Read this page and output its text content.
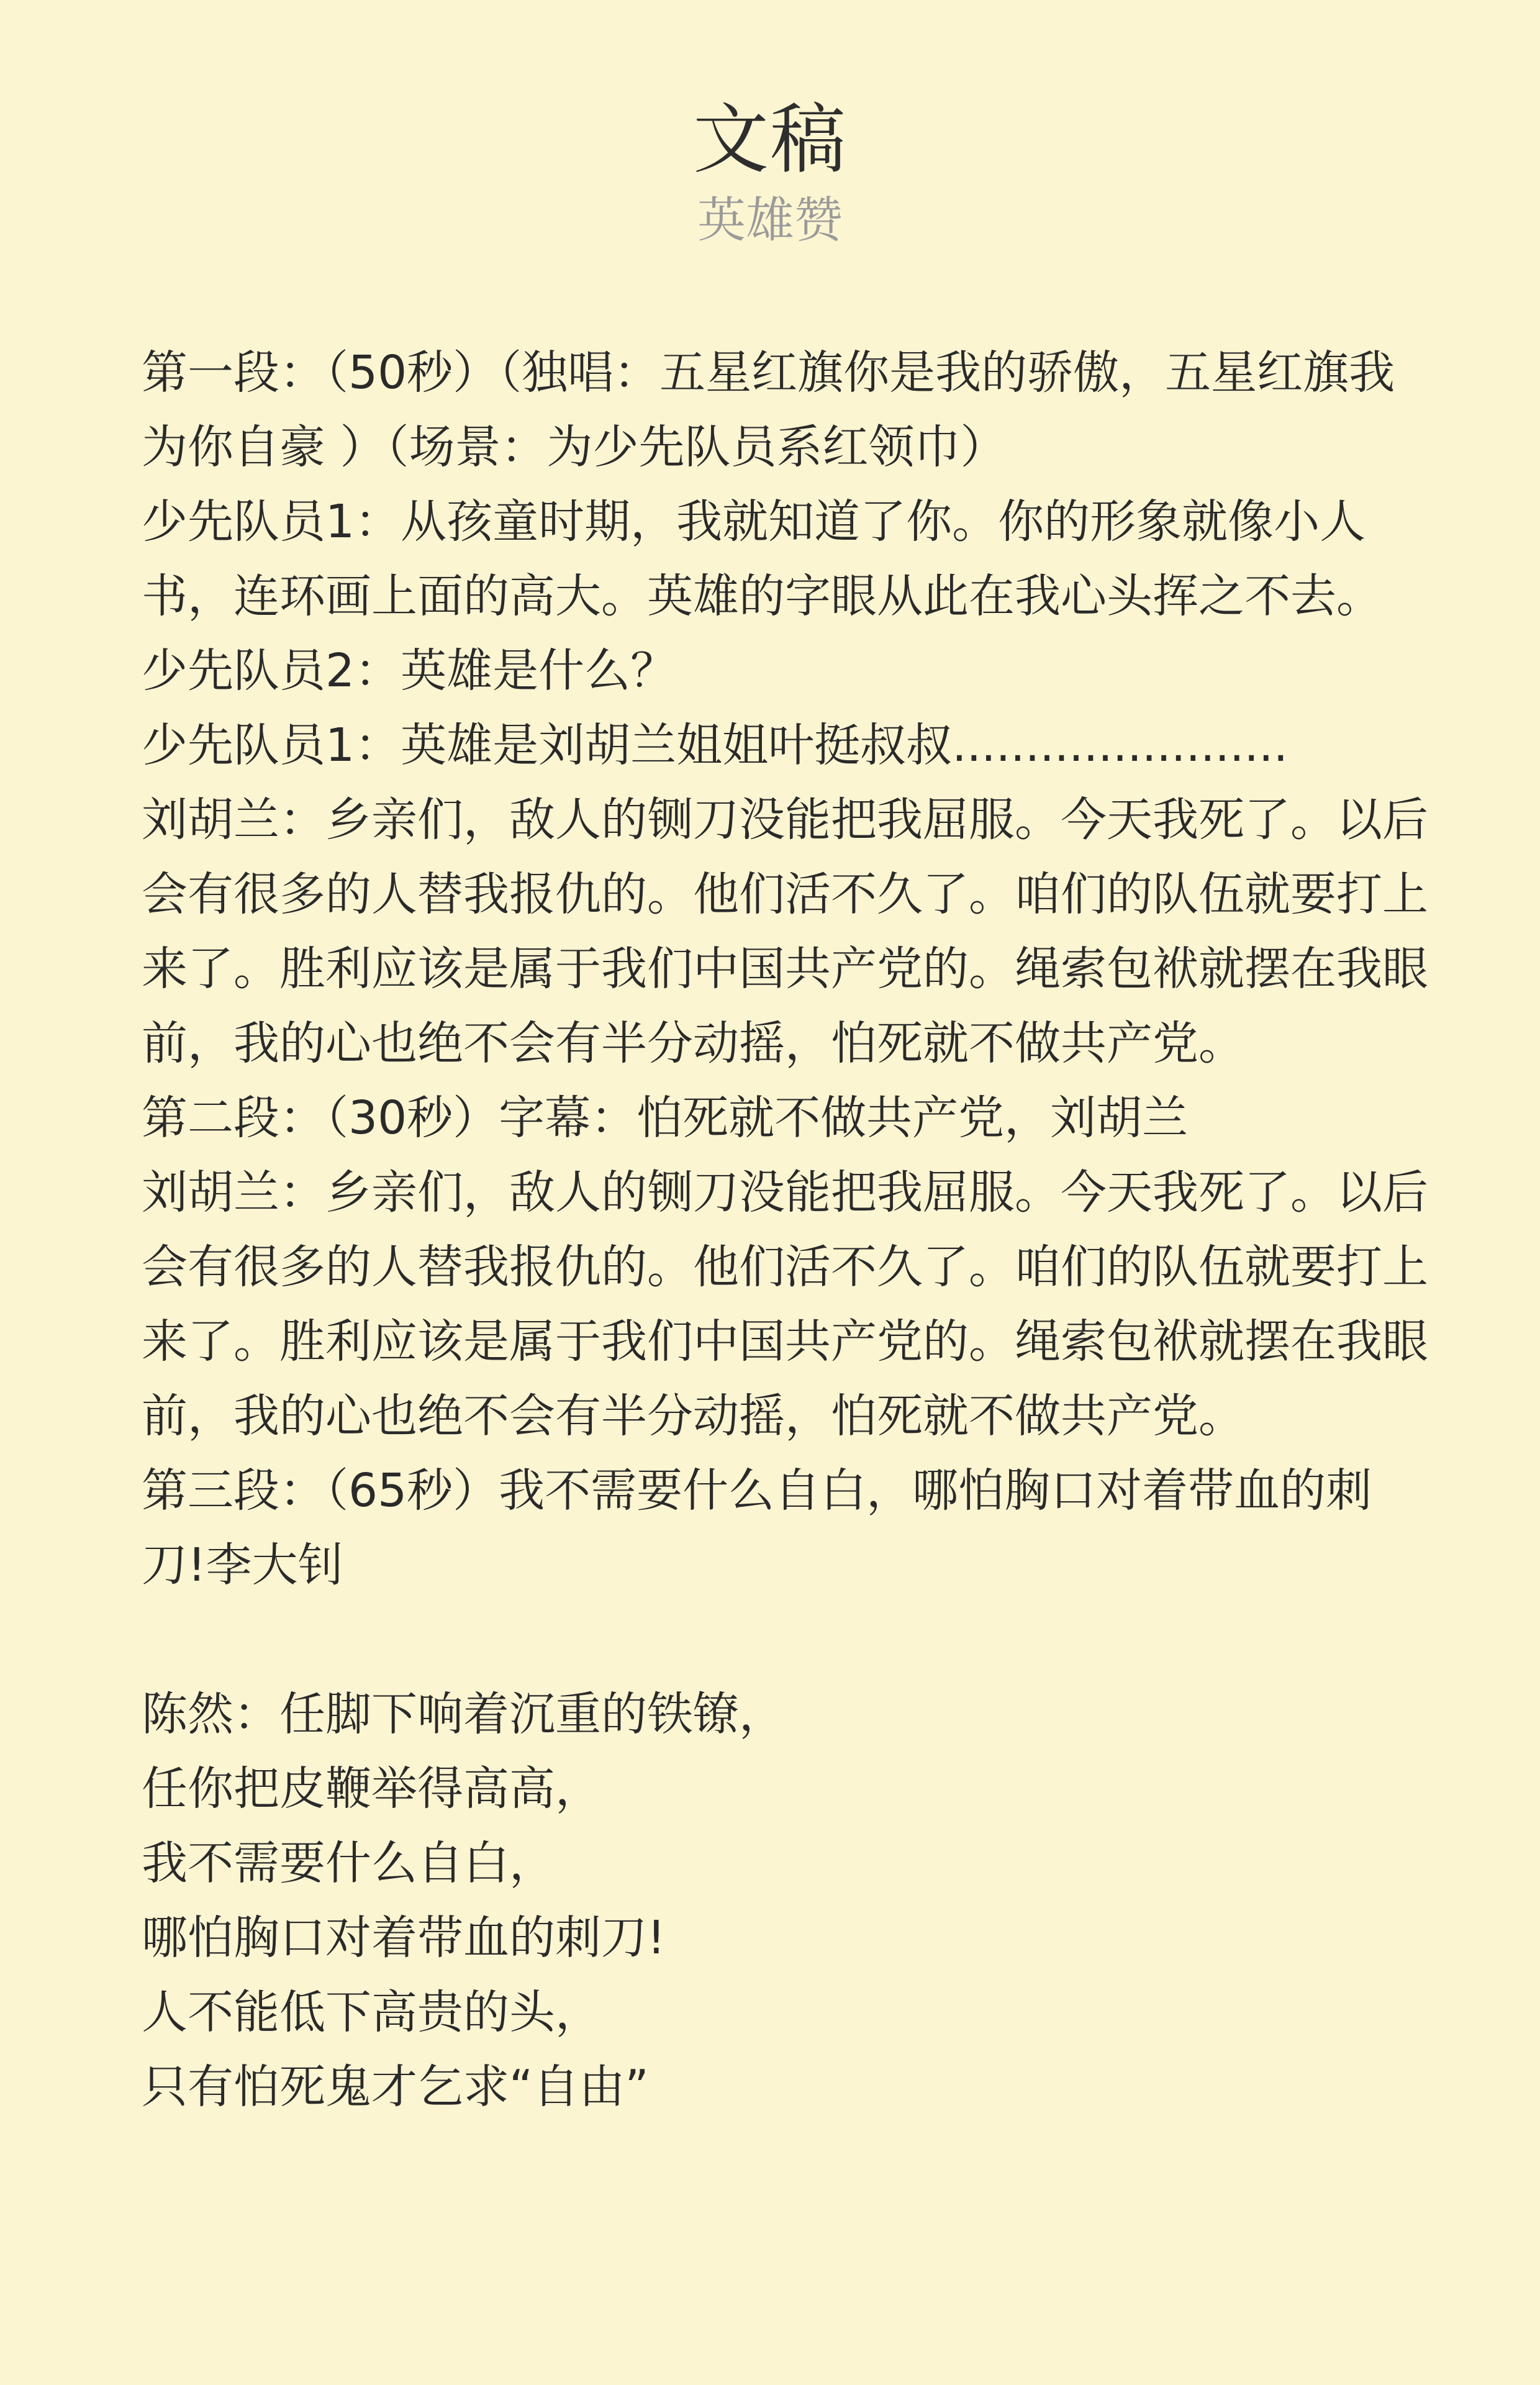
文稿
英雄赞

第一段：（50秒）（独唱：五星红旗你是我的骄傲，五星红旗我为你自豪 ）（场景：为少先队员系红领巾）

少先队员1：从孩童时期，我就知道了你。你的形象就像小人书，连环画上面的高大。英雄的字眼从此在我心头挥之不去。

少先队员2：英雄是什么？

少先队员1：英雄是刘胡兰姐姐叶挺叔叔.......................

刘胡兰：乡亲们，敌人的铡刀没能把我屈服。今天我死了。以后会有很多的人替我报仇的。他们活不久了。咱们的队伍就要打上来了。胜利应该是属于我们中国共产党的。绳索包袱就摆在我眼前，我的心也绝不会有半分动摇，怕死就不做共产党。

第二段：（30秒）字幕：怕死就不做共产党，刘胡兰

刘胡兰：乡亲们，敌人的铡刀没能把我屈服。今天我死了。以后会有很多的人替我报仇的。他们活不久了。咱们的队伍就要打上来了。胜利应该是属于我们中国共产党的。绳索包袱就摆在我眼前，我的心也绝不会有半分动摇，怕死就不做共产党。

第三段：（65秒）我不需要什么自白，哪怕胸口对着带血的刺刀!李大钊

陈然：任脚下响着沉重的铁镣，

任你把皮鞭举得高高，

我不需要什么自白，

哪怕胸口对着带血的刺刀!

人不能低下高贵的头，

只有怕死鬼才乞求“自由”
